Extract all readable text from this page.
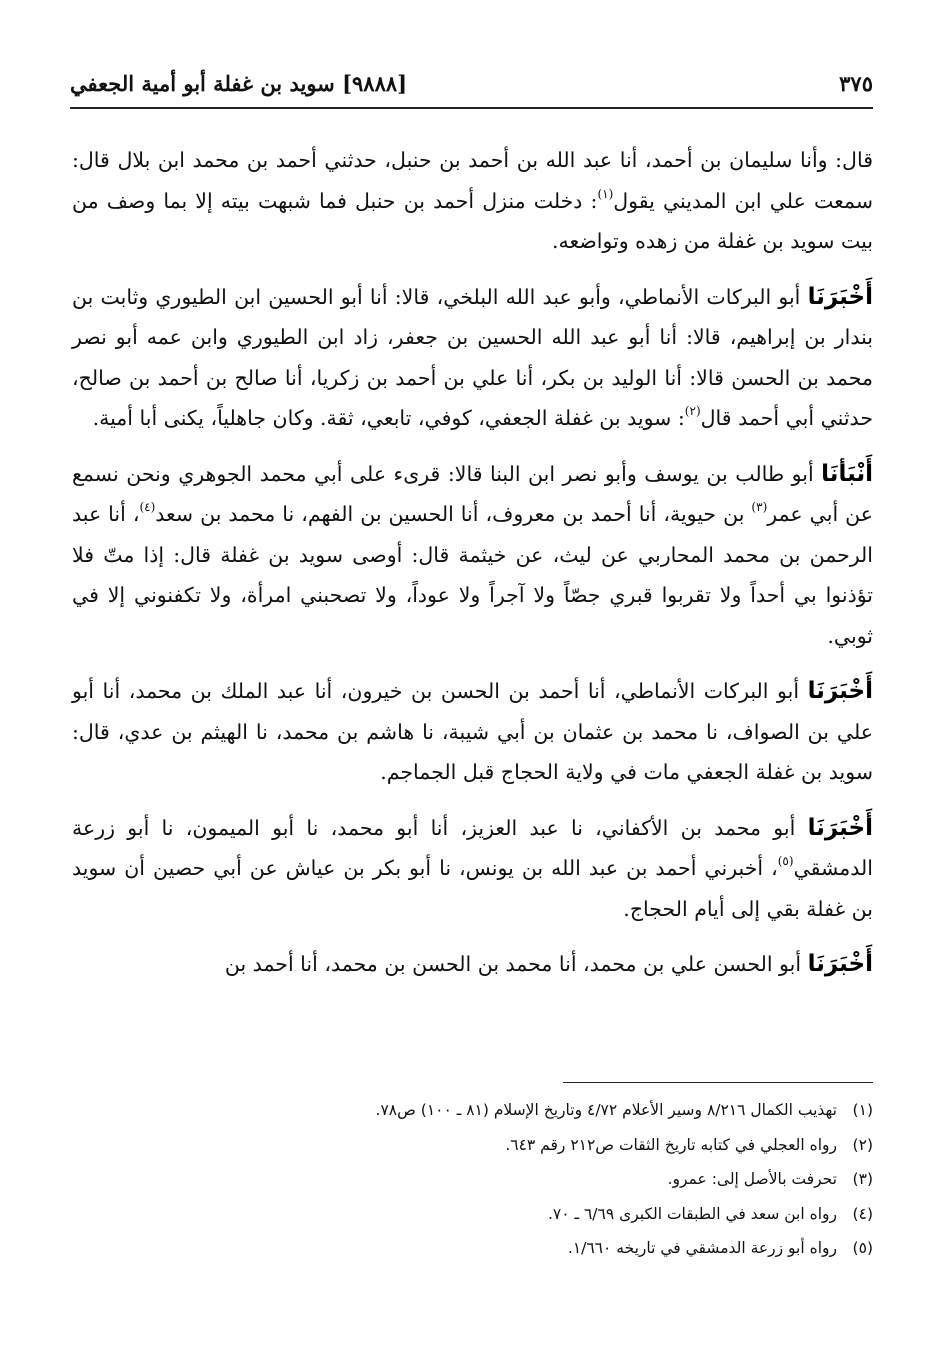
[٩٨٨٨] سويد بن غفلة أبو أمية الجعفي	٣٧٥

قال: وأنا سليمان بن أحمد، أنا عبد الله بن أحمد بن حنبل، حدثني أحمد بن محمد ابن بلال قال: سمعت علي ابن المديني يقول$^{(١)}$: دخلت منزل أحمد بن حنبل فما شبهت بيته إلا بما وصف من بيت سويد بن غفلة من زهده وتواضعه.

أَخْبَرَنَا أبو البركات الأنماطي، وأبو عبد الله البلخي، قالا: أنا أبو الحسين ابن الطيوري وثابت بن بندار بن إبراهيم، قالا: أنا أبو عبد الله الحسين بن جعفر، زاد ابن الطيوري وابن عمه أبو نصر محمد بن الحسن قالا: أنا الوليد بن بكر، أنا علي بن أحمد بن زكريا، أنا صالح بن أحمد بن صالح، حدثني أبي أحمد قال$^{(٢)}$: سويد بن غفلة الجعفي، كوفي، تابعي، ثقة. وكان جاهلياً، يكنى أبا أمية.

أَنْبَأنَا أبو طالب بن يوسف وأبو نصر ابن البنا قالا: قرىء على أبي محمد الجوهري ونحن نسمع عن أبي عمر$^{(٣)}$ بن حيوية، أنا أحمد بن معروف، أنا الحسين بن الفهم، نا محمد بن سعد$^{(٤)}$، أنا عبد الرحمن بن محمد المحاربي عن ليث، عن خيثمة قال: أوصى سويد بن غفلة قال: إذا متّ فلا تؤذنوا بي أحداً ولا تقربوا قبري جصّاً ولا آجراً ولا عوداً، ولا تصحبني امرأة، ولا تكفنوني إلا في ثوبي.

أَخْبَرَنَا أبو البركات الأنماطي، أنا أحمد بن الحسن بن خيرون، أنا عبد الملك بن محمد، أنا أبو علي بن الصواف، نا محمد بن عثمان بن أبي شيبة، نا هاشم بن محمد، نا الهيثم بن عدي، قال: سويد بن غفلة الجعفي مات في ولاية الحجاج قبل الجماجم.

أَخْبَرَنَا أبو محمد بن الأكفاني، نا عبد العزيز، أنا أبو محمد، نا أبو الميمون، نا أبو زرعة الدمشقي$^{(٥)}$، أخبرني أحمد بن عبد الله بن يونس، نا أبو بكر بن عياش عن أبي حصين أن سويد بن غفلة بقي إلى أيام الحجاج.

أَخْبَرَنَا أبو الحسن علي بن محمد، أنا محمد بن الحسن بن محمد، أنا أحمد بن

(١)
تهذيب الكمال ٨/٢١٦ وسير الأعلام ٤/٧٢ وتاريخ الإسلام (٨١ ـ ١٠٠) ص٧٨.
(٢)
رواه العجلي في كتابه تاريخ الثقات ص٢١٢ رقم ٦٤٣.
(٣)
تحرفت بالأصل إلى: عمرو.
(٤)
رواه ابن سعد في الطبقات الكبرى ٦/٦٩ ـ ٧٠.
(٥)
رواه أبو زرعة الدمشقي في تاريخه ١/٦٦٠.
